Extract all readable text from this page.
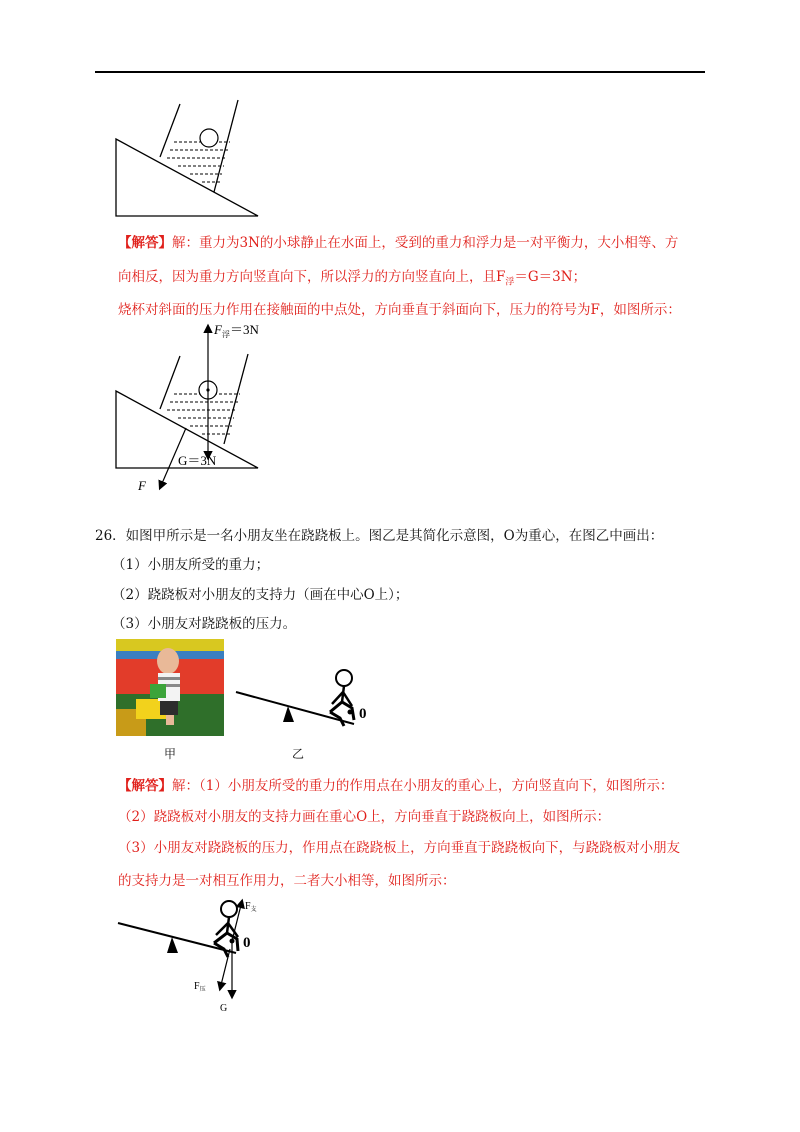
【解答】解：重力为3N的小球静止在水面上，受到的重力和浮力是一对平衡力，大小相等、方
向相反，因为重力方向竖直向下，所以浮力的方向竖直向上，且$F_浮=G=3N$；
烧杯对斜面的压力作用在接触面的中点处，方向垂直于斜面向下，压力的符号为F，如图所示：
$F_浮=3N$
G＝3N
F
26．如图甲所示是一名小朋友坐在跷跷板上。图乙是其简化示意图，O为重心，在图乙中画出：
（1）小朋友所受的重力；
（2）跷跷板对小朋友的支持力（画在中心O上）；
（3）小朋友对跷跷板的压力。
甲	乙
0
【解答】解：（1）小朋友所受的重力的作用点在小朋友的重心上，方向竖直向下，如图所示：
（2）跷跷板对小朋友的支持力画在重心O上，方向垂直于跷跷板向上，如图所示：
（3）小朋友对跷跷板的压力，作用点在跷跷板上，方向垂直于跷跷板向下，与跷跷板对小朋友
的支持力是一对相互作用力，二者大小相等，如图所示：
0
$F_支$
$F_压$
G
